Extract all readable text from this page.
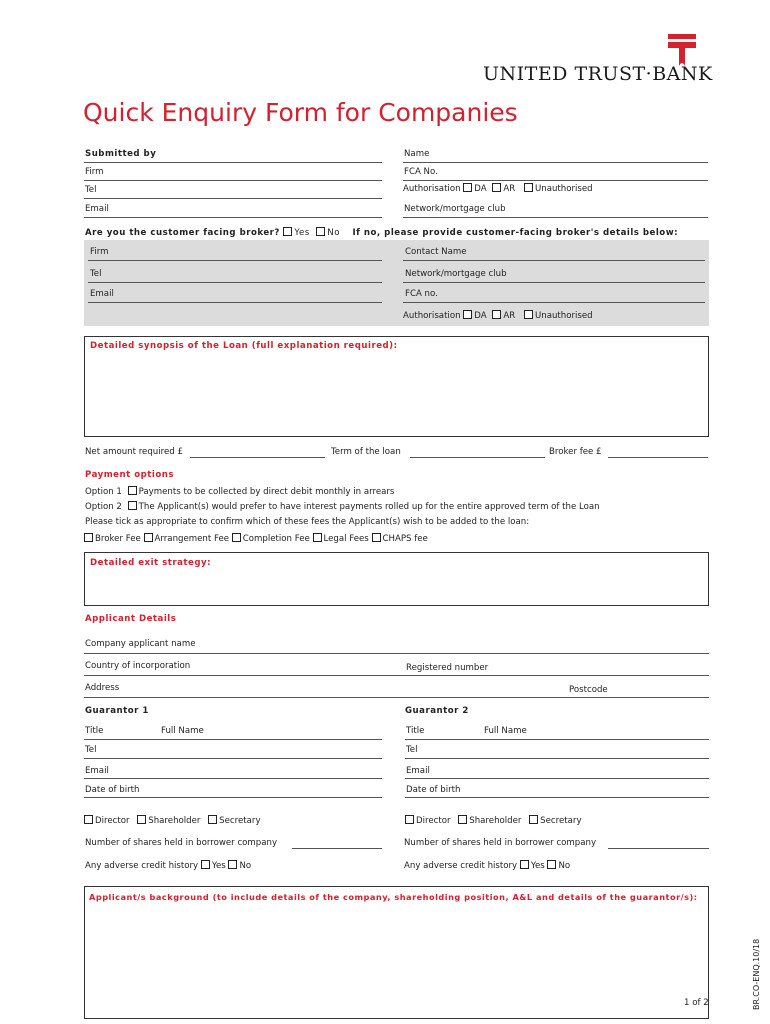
UNITED TRUST·BANK
Quick Enquiry Form for Companies
Submitted by	Name
Firm	FCA No.
Tel	Authorisation DA AR Unauthorised
Email	Network/mortgage club
Are you the customer facing broker? Yes No If no, please provide customer-facing broker's details below:
Firm	Contact Name
Tel	Network/mortgage club
Email	FCA no.
Authorisation DA AR Unauthorised
Detailed synopsis of the Loan (full explanation required):
Net amount required £	Term of the loan	Broker fee £
Payment options
Option 1 Payments to be collected by direct debit monthly in arrears
Option 2 The Applicant(s) would prefer to have interest payments rolled up for the entire approved term of the Loan
Please tick as appropriate to confirm which of these fees the Applicant(s) wish to be added to the loan:
Broker Fee Arrangement Fee Completion Fee Legal Fees CHAPS fee
Detailed exit strategy:
Applicant Details
Company applicant name
Country of incorporation	Registered number
Address	Postcode
Guarantor 1
Title	Full Name
Tel
Email
Date of birth
Director Shareholder Secretary
Number of shares held in borrower company
Any adverse credit history Yes No
Guarantor 2
Title	Full Name
Tel
Email
Date of birth
Director Shareholder Secretary
Number of shares held in borrower company
Any adverse credit history Yes No
Applicant/s background (to include details of the company, shareholding position, A&L and details of the guarantor/s):
1 of 2	BR.CO-ENQ.10/18
